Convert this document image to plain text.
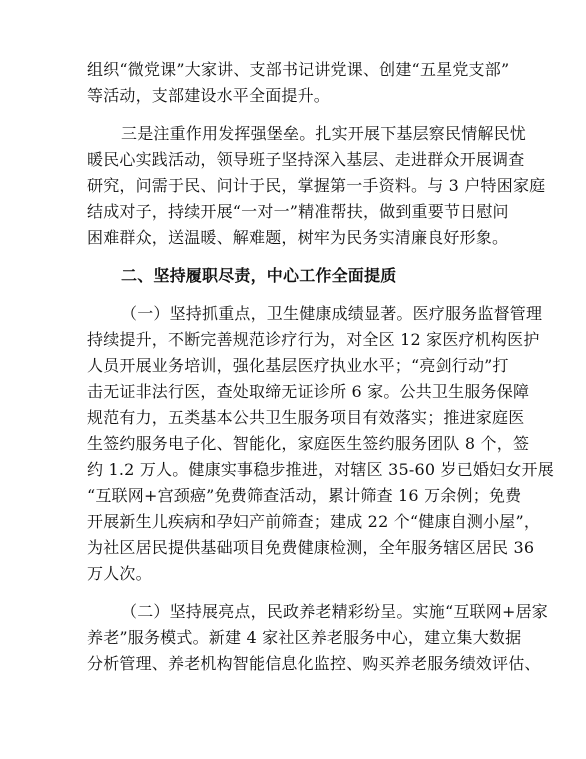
组织“微党课”大家讲、支部书记讲党课、创建“五星党支部”
等活动，支部建设水平全面提升。

三是注重作用发挥强堡垒。扎实开展下基层察民情解民忧
暖民心实践活动，领导班子坚持深入基层、走进群众开展调查
研究，问需于民、问计于民，掌握第一手资料。与 3 户特困家庭
结成对子，持续开展“一对一”精准帮扶，做到重要节日慰问
困难群众，送温暖、解难题，树牢为民务实清廉良好形象。

二、坚持履职尽责，中心工作全面提质

（一）坚持抓重点，卫生健康成绩显著。医疗服务监督管理
持续提升，不断完善规范诊疗行为，对全区 12 家医疗机构医护
人员开展业务培训，强化基层医疗执业水平；“亮剑行动”打
击无证非法行医，查处取缔无证诊所 6 家。公共卫生服务保障
规范有力，五类基本公共卫生服务项目有效落实；推进家庭医
生签约服务电子化、智能化，家庭医生签约服务团队 8 个，签
约 1.2 万人。健康实事稳步推进，对辖区 35-60 岁已婚妇女开展
“互联网+宫颈癌”免费筛查活动，累计筛查 16 万余例；免费
开展新生儿疾病和孕妇产前筛查；建成 22 个“健康自测小屋”，
为社区居民提供基础项目免费健康检测，全年服务辖区居民 36
万人次。

（二）坚持展亮点，民政养老精彩纷呈。实施“互联网+居家
养老”服务模式。新建 4 家社区养老服务中心，建立集大数据
分析管理、养老机构智能信息化监控、购买养老服务绩效评估、
